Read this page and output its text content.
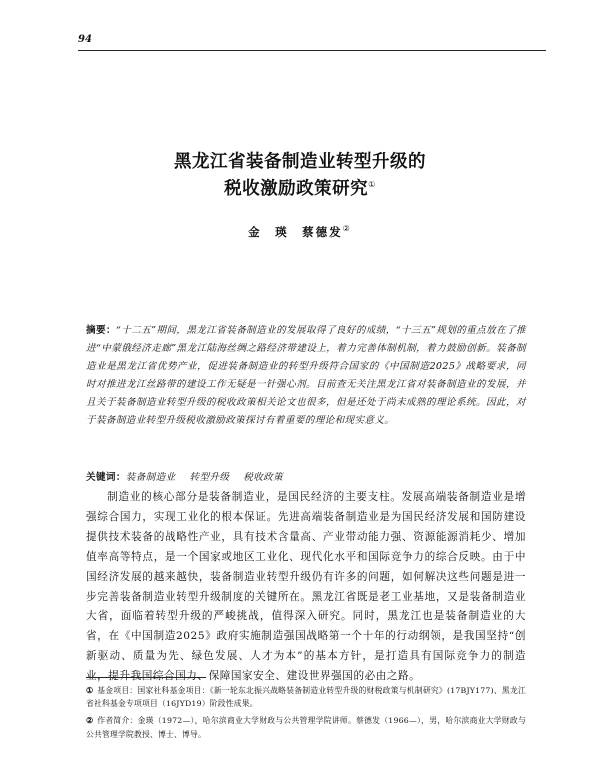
94
黑龙江省装备制造业转型升级的
税收激励政策研究①
金　瑛　蔡德发②
摘要：“十二五”期间，黑龙江省装备制造业的发展取得了良好的成绩，“十三五”规划的重点放在了推进“中蒙俄经济走廊”黑龙江陆海丝绸之路经济带建设上，着力完善体制机制，着力鼓励创新。装备制造业是黑龙江省优势产业，促进装备制造业的转型升级符合国家的《中国制造2025》战略要求，同时对推进龙江丝路带的建设工作无疑是一针强心剂。目前查无关注黑龙江省对装备制造业的发展，并且关于装备制造业转型升级的税收政策相关论文也很多，但是还处于尚未成熟的理论系统。因此，对于装备制造业转型升级税收激励政策探讨有着重要的理论和现实意义。
关键词：装备制造业 转型升级 税收政策
制造业的核心部分是装备制造业，是国民经济的主要支柱。发展高端装备制造业是增强综合国力，实现工业化的根本保证。先进高端装备制造业是为国民经济发展和国防建设提供技术装备的战略性产业，具有技术含量高、产业带动能力强、资源能源消耗少、增加值率高等特点，是一个国家或地区工业化、现代化水平和国际竞争力的综合反映。由于中国经济发展的越来越快，装备制造业转型升级仍有许多的问题，如何解决这些问题是进一步完善装备制造业转型升级制度的关键所在。黑龙江省既是老工业基地，又是装备制造业大省，面临着转型升级的严峻挑战，值得深入研究。同时，黑龙江也是装备制造业的大省，在《中国制造2025》政府实施制造强国战略第一个十年的行动纲领，是我国坚持“创新驱动、质量为先、绿色发展、人才为本”的基本方针，是打造具有国际竞争力的制造业，提升我国综合国力、保障国家安全、建设世界强国的必由之路。
① 基金项目：国家社科基金项目：《新一轮东北振兴战略装备制造业转型升级的财税政策与机制研究》(17BJY177)、黑龙江省社科基金专项项目（16JYD19）阶段性成果。
② 作者简介：金瑛（1972—），哈尔滨商业大学财政与公共管理学院讲师。蔡德发（1966—），男，哈尔滨商业大学财政与公共管理学院教授、博士、博导。
